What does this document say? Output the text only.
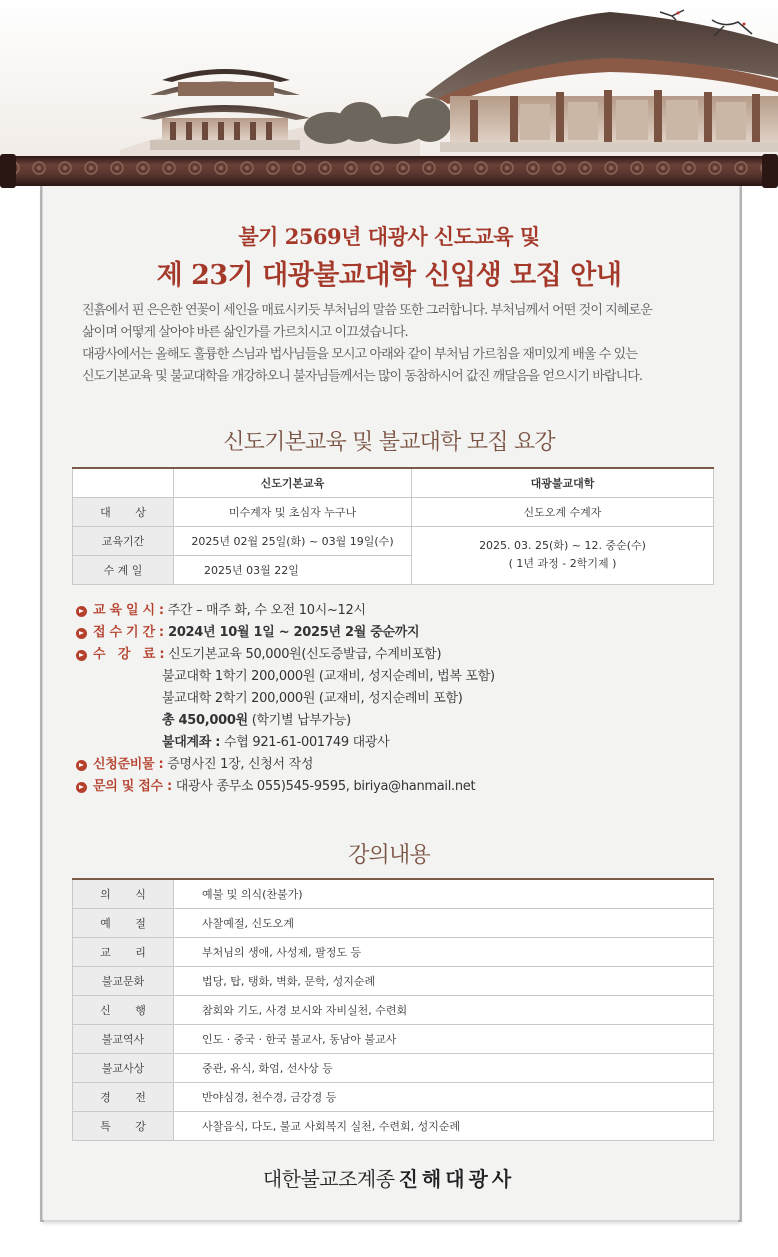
불기 2569년 대광사 신도교육 및
제 23기 대광불교대학 신입생 모집 안내

진흙에서 핀 은은한 연꽃이 세인을 매료시키듯 부처님의 말씀 또한 그러합니다. 부처님께서 어떤 것이 지혜로운

삶이며 어떻게 살아야 바른 삶인가를 가르치시고 이끄셨습니다.

대광사에서는 올해도 훌륭한 스님과 법사님들을 모시고 아래와 같이 부처님 가르침을 재미있게 배울 수 있는

신도기본교육 및 불교대학을 개강하오니 불자님들께서는 많이 동참하시어 값진 깨달음을 얻으시기 바랍니다.

신도기본교육 및 불교대학 모집 요강
	신도기본교육	대광불교대학
대       상	미수계자 및 초심자 누구나	신도오계 수계자
교육기간	2025년 02월 25일(화) ~ 03월 19일(수)	2025. 03. 25(화) ~ 12. 중순(수)
( 1년 과정 - 2학기제 )

수 계 일	2025년 03월 22일	
교 육 일 시 : 주간 – 매주 화, 수 오전 10시~12시
접 수 기 간 : 2024년 10월 1일 ~ 2025년 2월 중순까지
수   강   료 : 신도기본교육 50,000원(신도증발급, 수계비포함)
불교대학 1학기 200,000원 (교재비, 성지순례비, 법복 포함)
불교대학 2학기 200,000원 (교재비, 성지순례비 포함)
총 450,000원 (학기별 납부가능)
불대계좌 : 수협 921-61-001749 대광사
신청준비물 : 증명사진 1장, 신청서 작성
문의 및 접수 : 대광사 종무소 055)545-9595, biriya@hanmail.net
강의내용
의       식	예불 및 의식(찬불가)
예       절	사찰예절, 신도오계
교       리	부처님의 생애, 사성제, 팔정도 등
불교문화	법당, 탑, 탱화, 벽화, 문학, 성지순례
신       행	참회와 기도, 사경 보시와 자비실천, 수련회
불교역사	인도 · 중국 · 한국 불교사, 동남아 불교사
불교사상	중관, 유식, 화엄, 선사상 등
경       전	반야심경, 천수경, 금강경 등
특       강	사찰음식, 다도, 불교 사회복지 실천, 수련회, 성지순례
대한불교조계종 진해대광사
